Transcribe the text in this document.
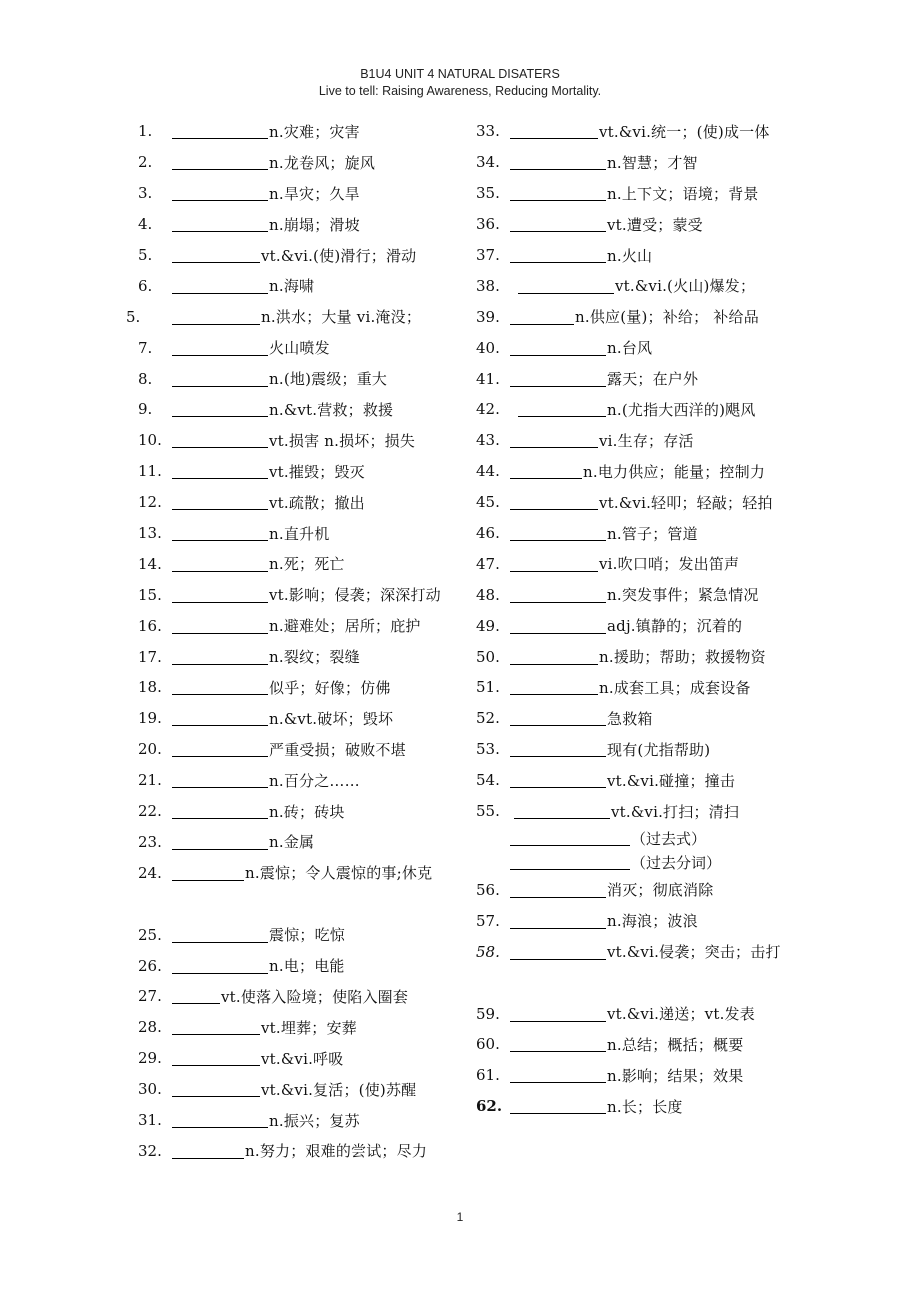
B1U4 UNIT 4 NATURAL DISATERS
Live to tell: Raising Awareness, Reducing Mortality.
1.	n.灾难；灾害
2.	n.龙卷风；旋风
3.	n.旱灾；久旱
4.	n.崩塌；滑坡
5.	vt.&vi.(使)滑行；滑动
6.	n.海啸
5.	n.洪水；大量 vi.淹没；
7.	火山喷发
8.	n.(地)震级；重大
9.	n.&vt.营救；救援
10.	vt.损害 n.损坏；损失
11.	vt.摧毁；毁灭
12.	vt.疏散；撤出
13.	n.直升机
14.	n.死；死亡
15.	vt.影响；侵袭；深深打动
16.	n.避难处；居所；庇护
17.	n.裂纹；裂缝
18.	似乎；好像；仿佛
19.	n.&vt.破坏；毁坏
20.	严重受损；破败不堪
21.	n.百分之……
22.	n.砖；砖块
23.	n.金属
24.	n.震惊；令人震惊的事;休克
25.	震惊；吃惊
26.	n.电；电能
27.	vt.使落入险境；使陷入圈套
28.	vt.埋葬；安葬
29.	vt.&vi.呼吸
30.	vt.&vi.复活；(使)苏醒
31.	n.振兴；复苏
32.	n.努力；艰难的尝试；尽力
33.	vt.&vi.统一；(使)成一体
34.	n.智慧；才智
35.	n.上下文；语境；背景
36.	vt.遭受；蒙受
37.	n.火山
38.	vt.&vi.(火山)爆发；
39.	n.供应(量)；补给； 补给品
40.	n.台风
41.	露天；在户外
42.	n.(尤指大西洋的)飓风
43.	vi.生存；存活
44.	n.电力供应；能量；控制力
45.	vt.&vi.轻叩；轻敲；轻拍
46.	n.管子；管道
47.	vi.吹口哨；发出笛声
48.	n.突发事件；紧急情况
49.	adj.镇静的；沉着的
50.	n.援助；帮助；救援物资
51.	n.成套工具；成套设备
52.	急救箱
53.	现有(尤指帮助)
54.	vt.&vi.碰撞；撞击
55.	vt.&vi.打扫；清扫
（过去式）
（过去分词）
56.	消灭；彻底消除
57.	n.海浪；波浪
58.	vt.&vi.侵袭；突击；击打
59.	vt.&vi.递送；vt.发表
60.	n.总结；概括；概要
61.	n.影响；结果；效果
62.	n.长；长度
1
